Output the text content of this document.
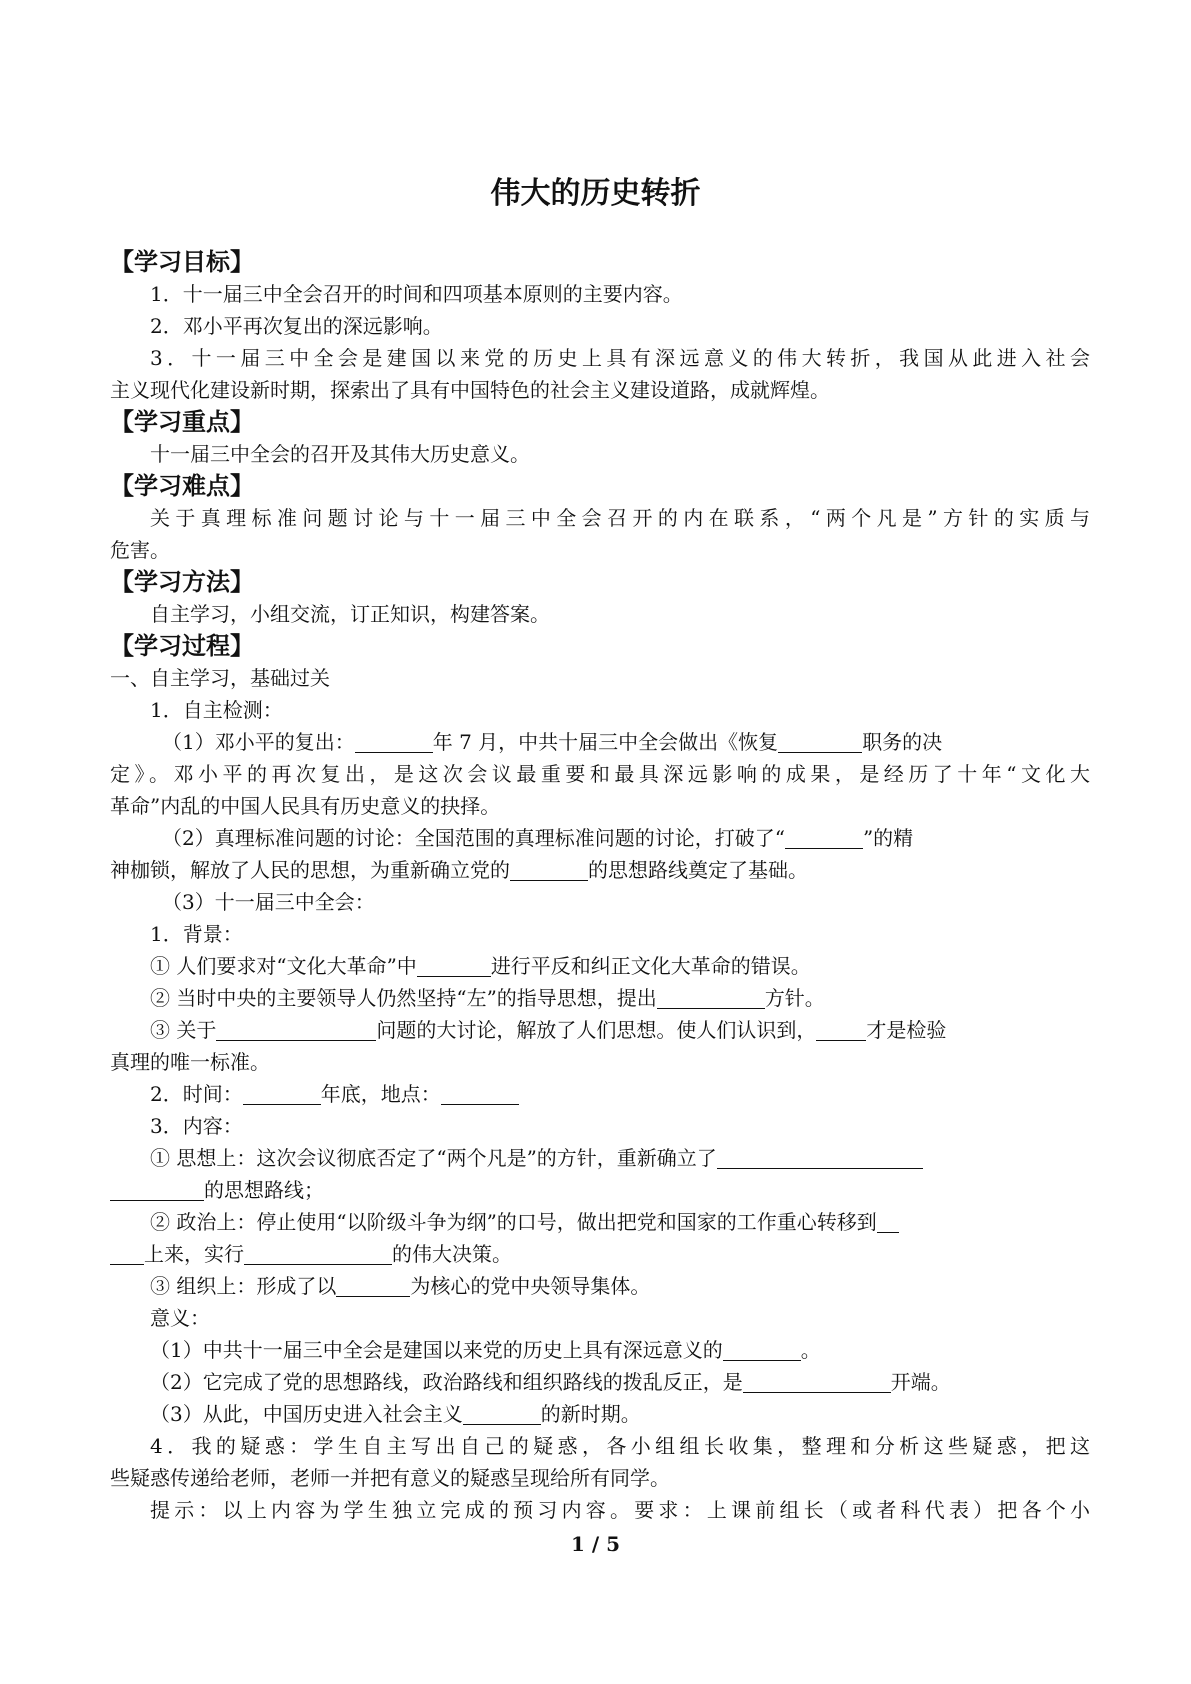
伟大的历史转折
【学习目标】
1．十一届三中全会召开的时间和四项基本原则的主要内容。
2．邓小平再次复出的深远影响。
3．十一届三中全会是建国以来党的历史上具有深远意义的伟大转折，我国从此进入社会
主义现代化建设新时期，探索出了具有中国特色的社会主义建设道路，成就辉煌。
【学习重点】
十一届三中全会的召开及其伟大历史意义。
【学习难点】
关于真理标准问题讨论与十一届三中全会召开的内在联系，“两个凡是”方针的实质与
危害。
【学习方法】
自主学习，小组交流，订正知识，构建答案。
【学习过程】
一、自主学习，基础过关
1．自主检测：
（1）邓小平的复出：	年 7 月，中共十届三中全会做出《恢复	职务的决
定》。邓小平的再次复出，是这次会议最重要和最具深远影响的成果，是经历了十年“文化大
革命”内乱的中国人民具有历史意义的抉择。
（2）真理标准问题的讨论：全国范围的真理标准问题的讨论，打破了“	”的精
神枷锁，解放了人民的思想，为重新确立党的	的思想路线奠定了基础。
（3）十一届三中全会：
1．背景：
① 人们要求对“文化大革命”中	进行平反和纠正文化大革命的错误。
② 当时中央的主要领导人仍然坚持“左”的指导思想，提出	方针。
③ 关于	问题的大讨论，解放了人们思想。使人们认识到，	才是检验
真理的唯一标准。
2．时间：	年底，地点：
3．内容：
① 思想上：这次会议彻底否定了“两个凡是”的方针，重新确立了
的思想路线；
② 政治上：停止使用“以阶级斗争为纲”的口号，做出把党和国家的工作重心转移到
上来，实行	的伟大决策。
③ 组织上：形成了以	为核心的党中央领导集体。
意义：
（1）中共十一届三中全会是建国以来党的历史上具有深远意义的	。
（2）它完成了党的思想路线，政治路线和组织路线的拨乱反正，是	开端。
（3）从此，中国历史进入社会主义	的新时期。
4．我的疑惑：学生自主写出自己的疑惑，各小组组长收集，整理和分析这些疑惑，把这
些疑惑传递给老师，老师一并把有意义的疑惑呈现给所有同学。
提示：以上内容为学生独立完成的预习内容。要求：上课前组长（或者科代表）把各个小
1 / 5
